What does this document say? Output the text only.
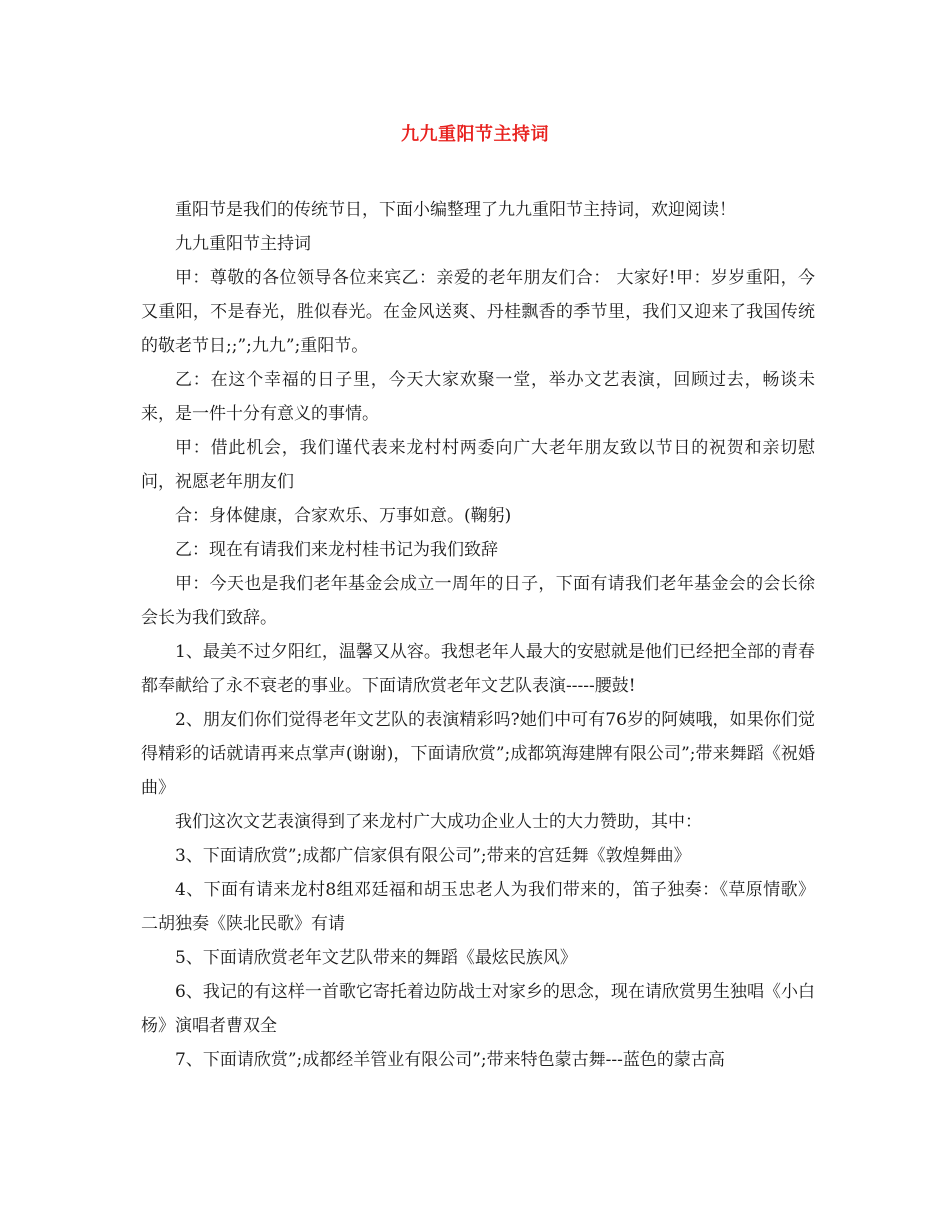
九九重阳节主持词

重阳节是我们的传统节日，下面小编整理了九九重阳节主持词，欢迎阅读！

九九重阳节主持词

甲：尊敬的各位领导各位来宾乙：亲爱的老年朋友们合： 大家好!甲：岁岁重阳，今又重阳，不是春光，胜似春光。在金风送爽、丹桂飘香的季节里，我们又迎来了我国传统的敬老节日;;”;九九”;重阳节。

乙：在这个幸福的日子里，今天大家欢聚一堂，举办文艺表演，回顾过去，畅谈未来，是一件十分有意义的事情。

甲：借此机会，我们谨代表来龙村村两委向广大老年朋友致以节日的祝贺和亲切慰问，祝愿老年朋友们

合：身体健康，合家欢乐、万事如意。(鞠躬)

乙：现在有请我们来龙村桂书记为我们致辞

甲：今天也是我们老年基金会成立一周年的日子，下面有请我们老年基金会的会长徐会长为我们致辞。

1、最美不过夕阳红，温馨又从容。我想老年人最大的安慰就是他们已经把全部的青春都奉献给了永不衰老的事业。下面请欣赏老年文艺队表演-----腰鼓!

2、朋友们你们觉得老年文艺队的表演精彩吗?她们中可有76岁的阿姨哦，如果你们觉得精彩的话就请再来点掌声(谢谢)，下面请欣赏”;成都筑海建牌有限公司”;带来舞蹈《祝婚曲》

我们这次文艺表演得到了来龙村广大成功企业人士的大力赞助，其中：

3、下面请欣赏”;成都广信家俱有限公司”;带来的宫廷舞《敦煌舞曲》

4、下面有请来龙村8组邓廷福和胡玉忠老人为我们带来的，笛子独奏：《草原情歌》二胡独奏《陕北民歌》有请

5、下面请欣赏老年文艺队带来的舞蹈《最炫民族风》

6、我记的有这样一首歌它寄托着边防战士对家乡的思念，现在请欣赏男生独唱《小白杨》演唱者曹双全

7、下面请欣赏”;成都经羊管业有限公司”;带来特色蒙古舞---蓝色的蒙古高
